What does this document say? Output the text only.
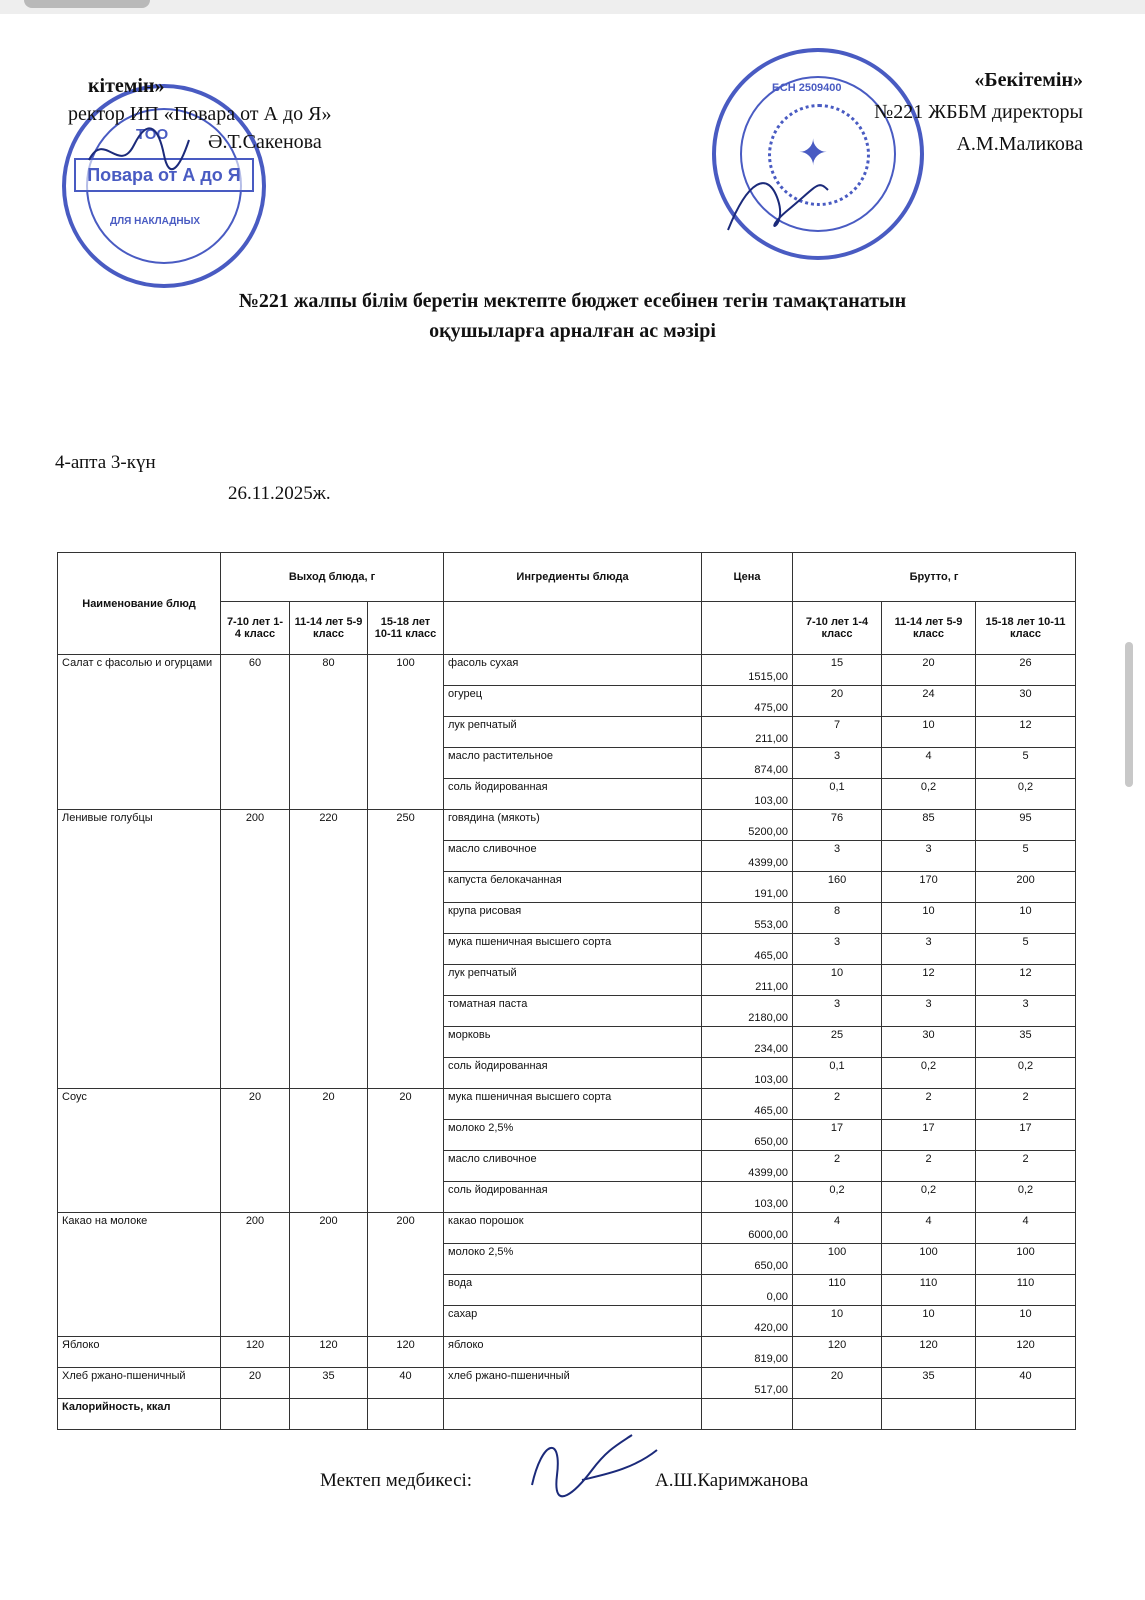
ТОО
Повара от А до Я
ДЛЯ НАКЛАДНЫХ
БСН 2509400
✦
кітемін»
ректор ИП «Повара от А до Я»
Ә.Т.Сакенова
«Бекітемін»
№221 ЖББМ директоры
А.М.Маликова
№221 жалпы білім беретін мектепте бюджет есебінен тегін тамақтанатын
оқушыларға арналған ас мәзірі
4-апта 3-күн
26.11.2025ж.
Наименование блюд	Выход блюда, г			Ингредиенты блюда	Цена	Брутто, г		
	7-10 лет 1-4 класс	11-14 лет 5-9 класс	15-18 лет 10-11 класс			7-10 лет 1-4 класс	11-14 лет 5-9 класс	15-18 лет 10-11 класс
Салат с фасолью и огурцами	60	80	100	фасоль сухая	1515,00	15	20	26
				огурец	475,00	20	24	30
				лук репчатый	211,00	7	10	12
				масло растительное	874,00	3	4	5
				соль йодированная	103,00	0,1	0,2	0,2
Ленивые голубцы	200	220	250	говядина (мякоть)	5200,00	76	85	95
				масло сливочное	4399,00	3	3	5
				капуста белокачанная	191,00	160	170	200
				крупа рисовая	553,00	8	10	10
				мука пшеничная высшего сорта	465,00	3	3	5
				лук репчатый	211,00	10	12	12
				томатная паста	2180,00	3	3	3
				морковь	234,00	25	30	35
				соль йодированная	103,00	0,1	0,2	0,2
Соус	20	20	20	мука пшеничная высшего сорта	465,00	2	2	2
				молоко 2,5%	650,00	17	17	17
				масло сливочное	4399,00	2	2	2
				соль йодированная	103,00	0,2	0,2	0,2
Какао на молоке	200	200	200	какао порошок	6000,00	4	4	4
				молоко 2,5%	650,00	100	100	100
				вода	0,00	110	110	110
				сахар	420,00	10	10	10
Яблоко	120	120	120	яблоко	819,00	120	120	120
Хлеб ржано-пшеничный	20	35	40	хлеб ржано-пшеничный	517,00	20	35	40
Калорийность, ккал								
Мектеп медбикесі:	А.Ш.Каримжанова
